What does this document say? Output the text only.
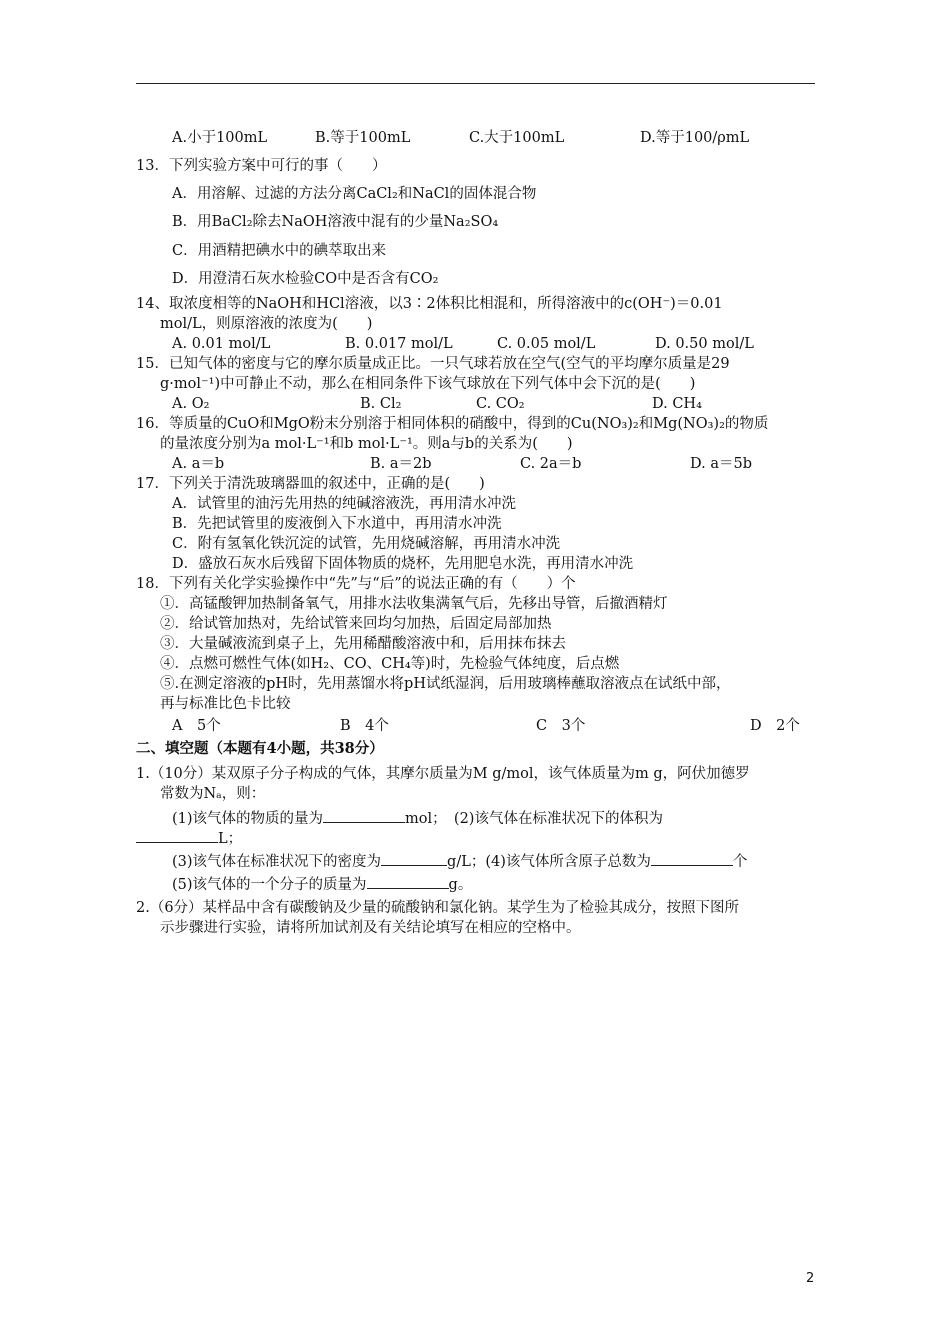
A.小于100mL	B.等于100mL	C.大于100mL	D.等于100/ρmL
13．下列实验方案中可行的事（　　）
A．用溶解、过滤的方法分离CaCl₂和NaCl的固体混合物
B．用BaCl₂除去NaOH溶液中混有的少量Na₂SO₄
C．用酒精把碘水中的碘萃取出来
D．用澄清石灰水检验CO中是否含有CO₂
14、取浓度相等的NaOH和HCl溶液，以3∶2体积比相混和，所得溶液中的c(OH⁻)＝0.01
mol/L，则原溶液的浓度为(　　)
A. 0.01 mol/L	B. 0.017 mol/L	C. 0.05 mol/L	D. 0.50 mol/L
15．已知气体的密度与它的摩尔质量成正比。一只气球若放在空气(空气的平均摩尔质量是29
g·mol⁻¹)中可静止不动，那么在相同条件下该气球放在下列气体中会下沉的是(　　)
A. O₂	B. Cl₂	C. CO₂	D. CH₄
16．等质量的CuO和MgO粉末分别溶于相同体积的硝酸中，得到的Cu(NO₃)₂和Mg(NO₃)₂的物质
的量浓度分别为a mol·L⁻¹和b mol·L⁻¹。则a与b的关系为(　　)
A. a＝b	B. a＝2b	C. 2a＝b	D. a＝5b
17．下列关于清洗玻璃器皿的叙述中，正确的是(　　)
A．试管里的油污先用热的纯碱溶液洗，再用清水冲洗
B．先把试管里的废液倒入下水道中，再用清水冲洗
C．附有氢氧化铁沉淀的试管，先用烧碱溶解，再用清水冲洗
D．盛放石灰水后残留下固体物质的烧杯，先用肥皂水洗，再用清水冲洗
18．下列有关化学实验操作中“先”与“后”的说法正确的有（　　）个
①．高锰酸钾加热制备氧气，用排水法收集满氧气后，先移出导管，后撤酒精灯
②．给试管加热对，先给试管来回均匀加热，后固定局部加热
③．大量碱液流到桌子上，先用稀醋酸溶液中和，后用抹布抹去
④．点燃可燃性气体(如H₂、CO、CH₄等)时，先检验气体纯度，后点燃
⑤.在测定溶液的pH时，先用蒸馏水将pH试纸湿润，后用玻璃棒蘸取溶液点在试纸中部，
再与标准比色卡比较
A　5个	B　4个	C　3个	D　2个
二、填空题（本题有4小题，共38分）
1.（10分）某双原子分子构成的气体，其摩尔质量为M g/mol，该气体质量为m g，阿伏加德罗
常数为Nₐ，则：
(1)该气体的物质的量为	mol；　(2)该气体在标准状况下的体积为
L；
(3)该气体在标准状况下的密度为	g/L；(4)该气体所含原子总数为	个
(5)该气体的一个分子的质量为	g。
2.（6分）某样品中含有碳酸钠及少量的硫酸钠和氯化钠。某学生为了检验其成分，按照下图所
示步骤进行实验，请将所加试剂及有关结论填写在相应的空格中。
2
